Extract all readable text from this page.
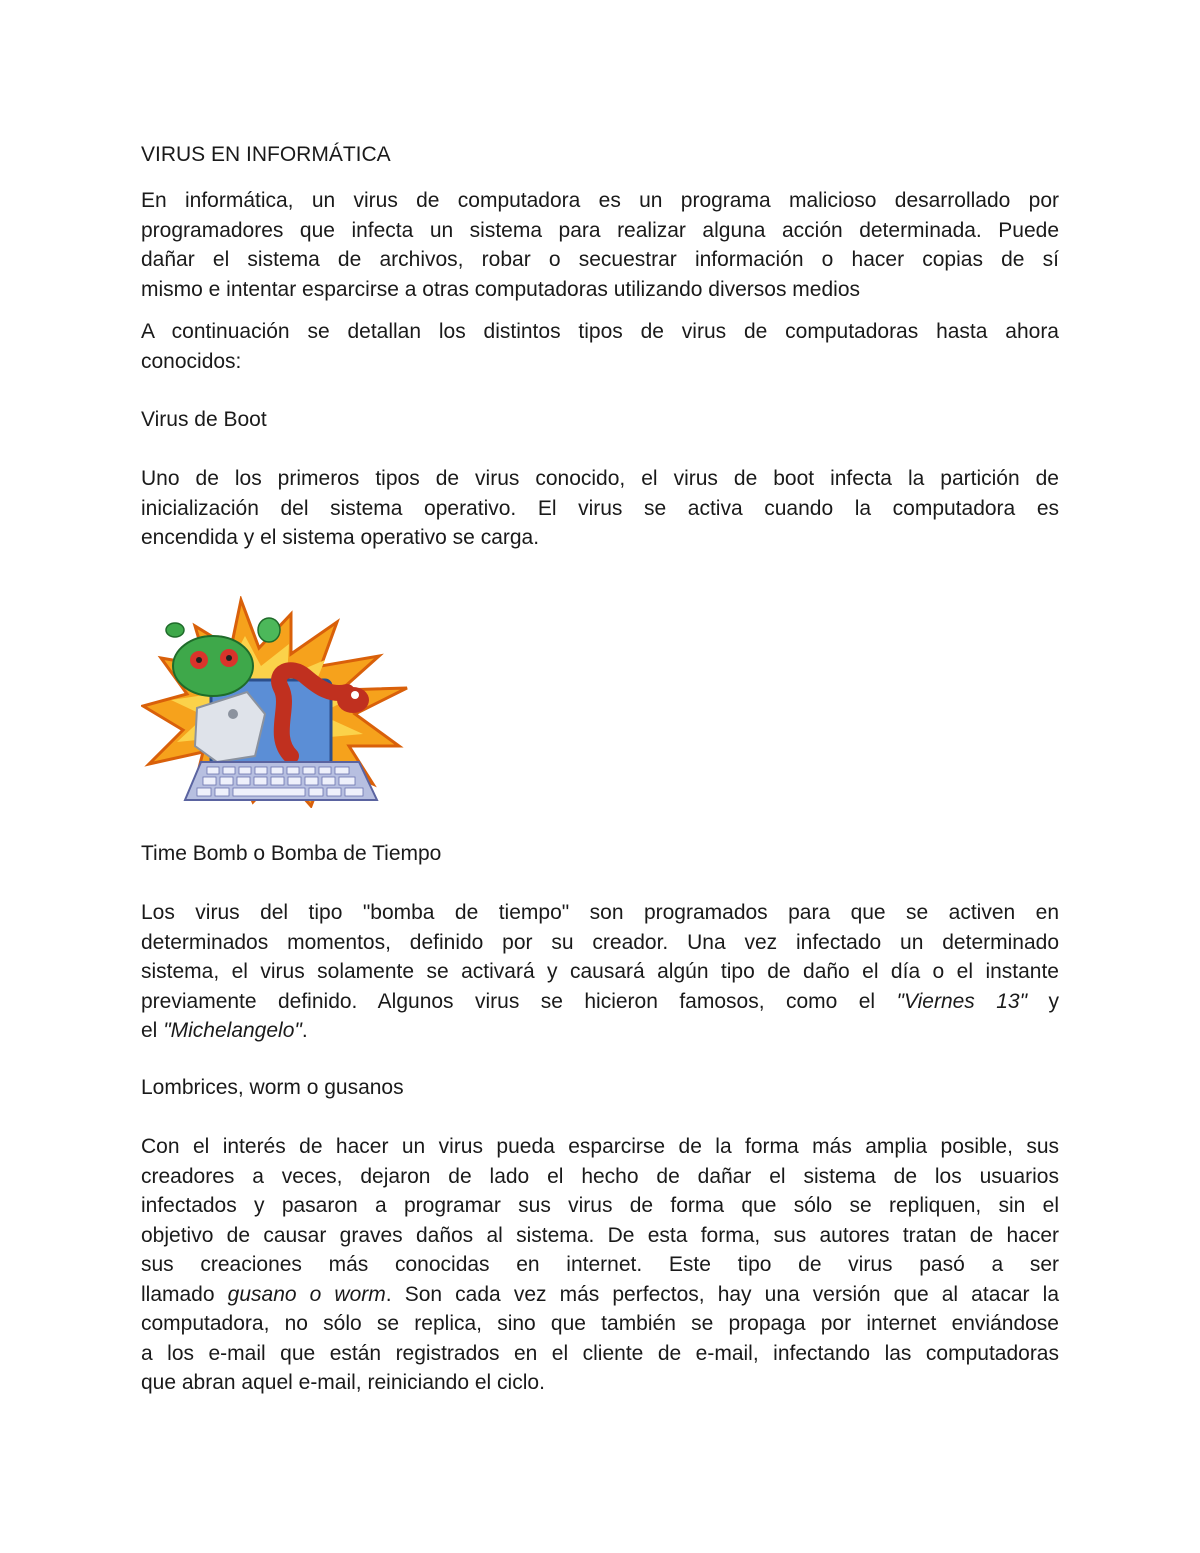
VIRUS EN INFORMÁTICA

En informática, un virus de computadora es un programa malicioso desarrollado por

programadores que infecta un sistema para realizar alguna acción determinada. Puede

dañar el sistema de archivos, robar o secuestrar información o hacer copias de sí

mismo e intentar esparcirse a otras computadoras utilizando diversos medios

A continuación se detallan los distintos tipos de virus de computadoras hasta ahora

conocidos:

Virus de Boot

Uno de los primeros tipos de virus conocido, el virus de boot infecta la partición de

inicialización del sistema operativo. El virus se activa cuando la computadora es

encendida y el sistema operativo se carga.

Time Bomb o Bomba de Tiempo

Los virus del tipo "bomba de tiempo" son programados para que se activen en

determinados momentos, definido por su creador. Una vez infectado un determinado

sistema, el virus solamente se activará y causará algún tipo de daño el día o el instante

previamente definido. Algunos virus se hicieron famosos, como el "Viernes 13" y

el "Michelangelo".

Lombrices, worm o gusanos

Con el interés de hacer un virus pueda esparcirse de la forma más amplia posible, sus

creadores a veces, dejaron de lado el hecho de dañar el sistema de los usuarios

infectados y pasaron a programar sus virus de forma que sólo se repliquen, sin el

objetivo de causar graves daños al sistema. De esta forma, sus autores tratan de hacer

sus creaciones más conocidas en internet. Este tipo de virus pasó a ser

llamado gusano o worm. Son cada vez más perfectos, hay una versión que al atacar la

computadora, no sólo se replica, sino que también se propaga por internet enviándose

a los e-mail que están registrados en el cliente de e-mail, infectando las computadoras

que abran aquel e-mail, reiniciando el ciclo.
